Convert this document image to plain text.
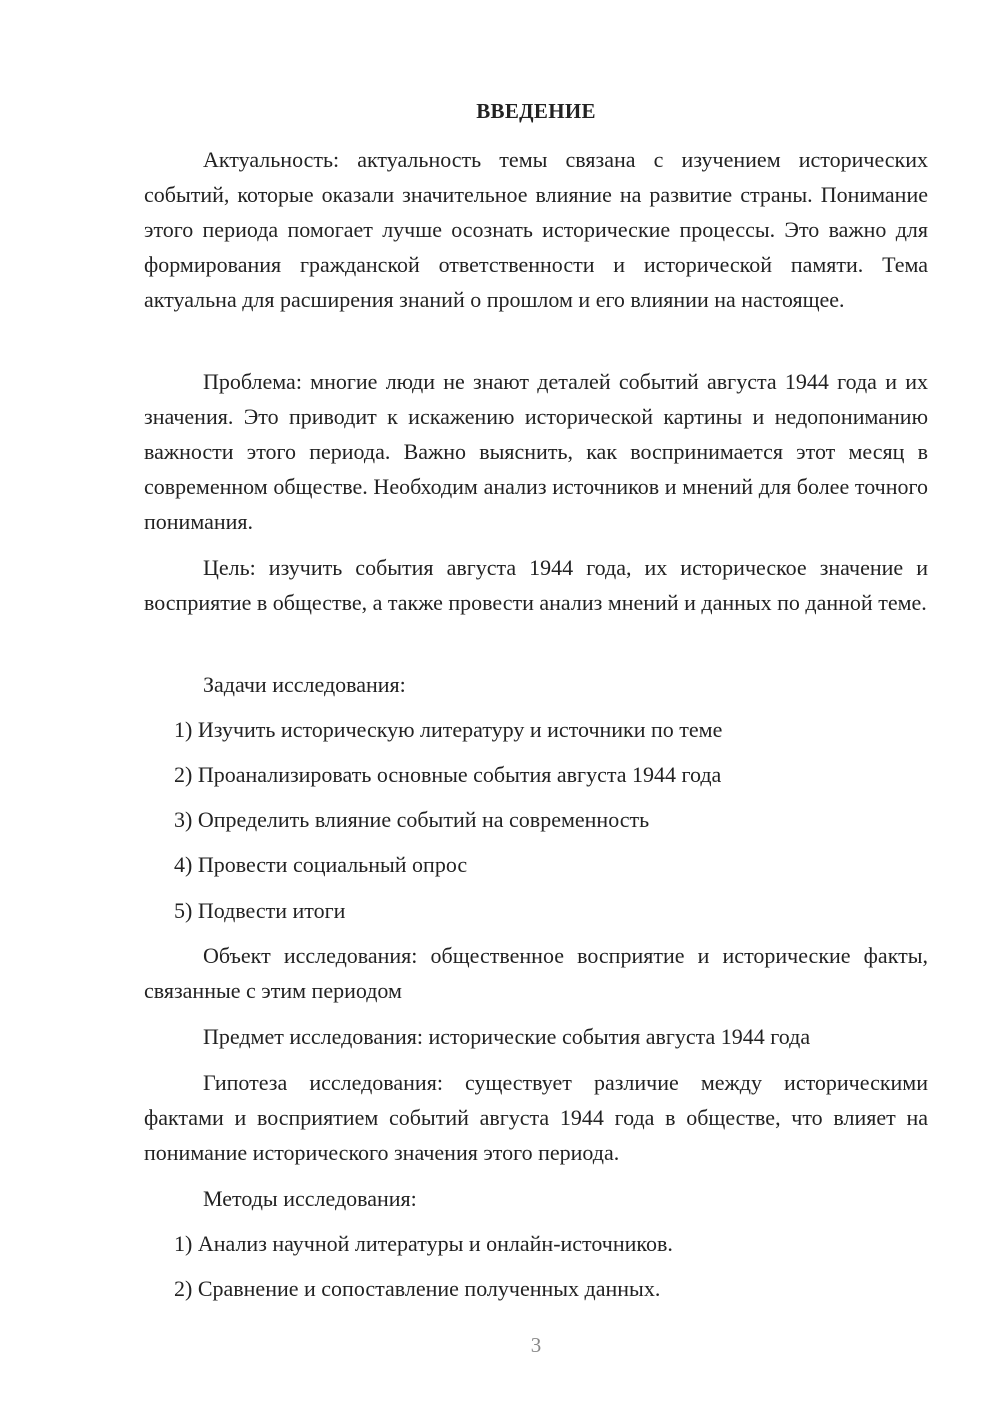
ВВЕДЕНИЕ

Актуальность: актуальность темы связана с изучением исторических событий, которые оказали значительное влияние на развитие страны. Понимание этого периода помогает лучше осознать исторические процессы. Это важно для формирования гражданской ответственности и исторической памяти. Тема актуальна для расширения знаний о прошлом и его влиянии на настоящее.

Проблема: многие люди не знают деталей событий августа 1944 года и их значения. Это приводит к искажению исторической картины и недопониманию важности этого периода. Важно выяснить, как воспринимается этот месяц в современном обществе. Необходим анализ источников и мнений для более точного понимания.

Цель: изучить события августа 1944 года, их историческое значение и восприятие в обществе, а также провести анализ мнений и данных по данной теме.

Задачи исследования:
1) Изучить историческую литературу и источники по теме
2) Проанализировать основные события августа 1944 года
3) Определить влияние событий на современность
4) Провести социальный опрос
5) Подвести итоги

Объект исследования: общественное восприятие и исторические факты, связанные с этим периодом

Предмет исследования: исторические события августа 1944 года

Гипотеза исследования: существует различие между историческими фактами и восприятием событий августа 1944 года в обществе, что влияет на понимание исторического значения этого периода.

Методы исследования:
1) Анализ научной литературы и онлайн-источников.
2) Сравнение и сопоставление полученных данных.
3
